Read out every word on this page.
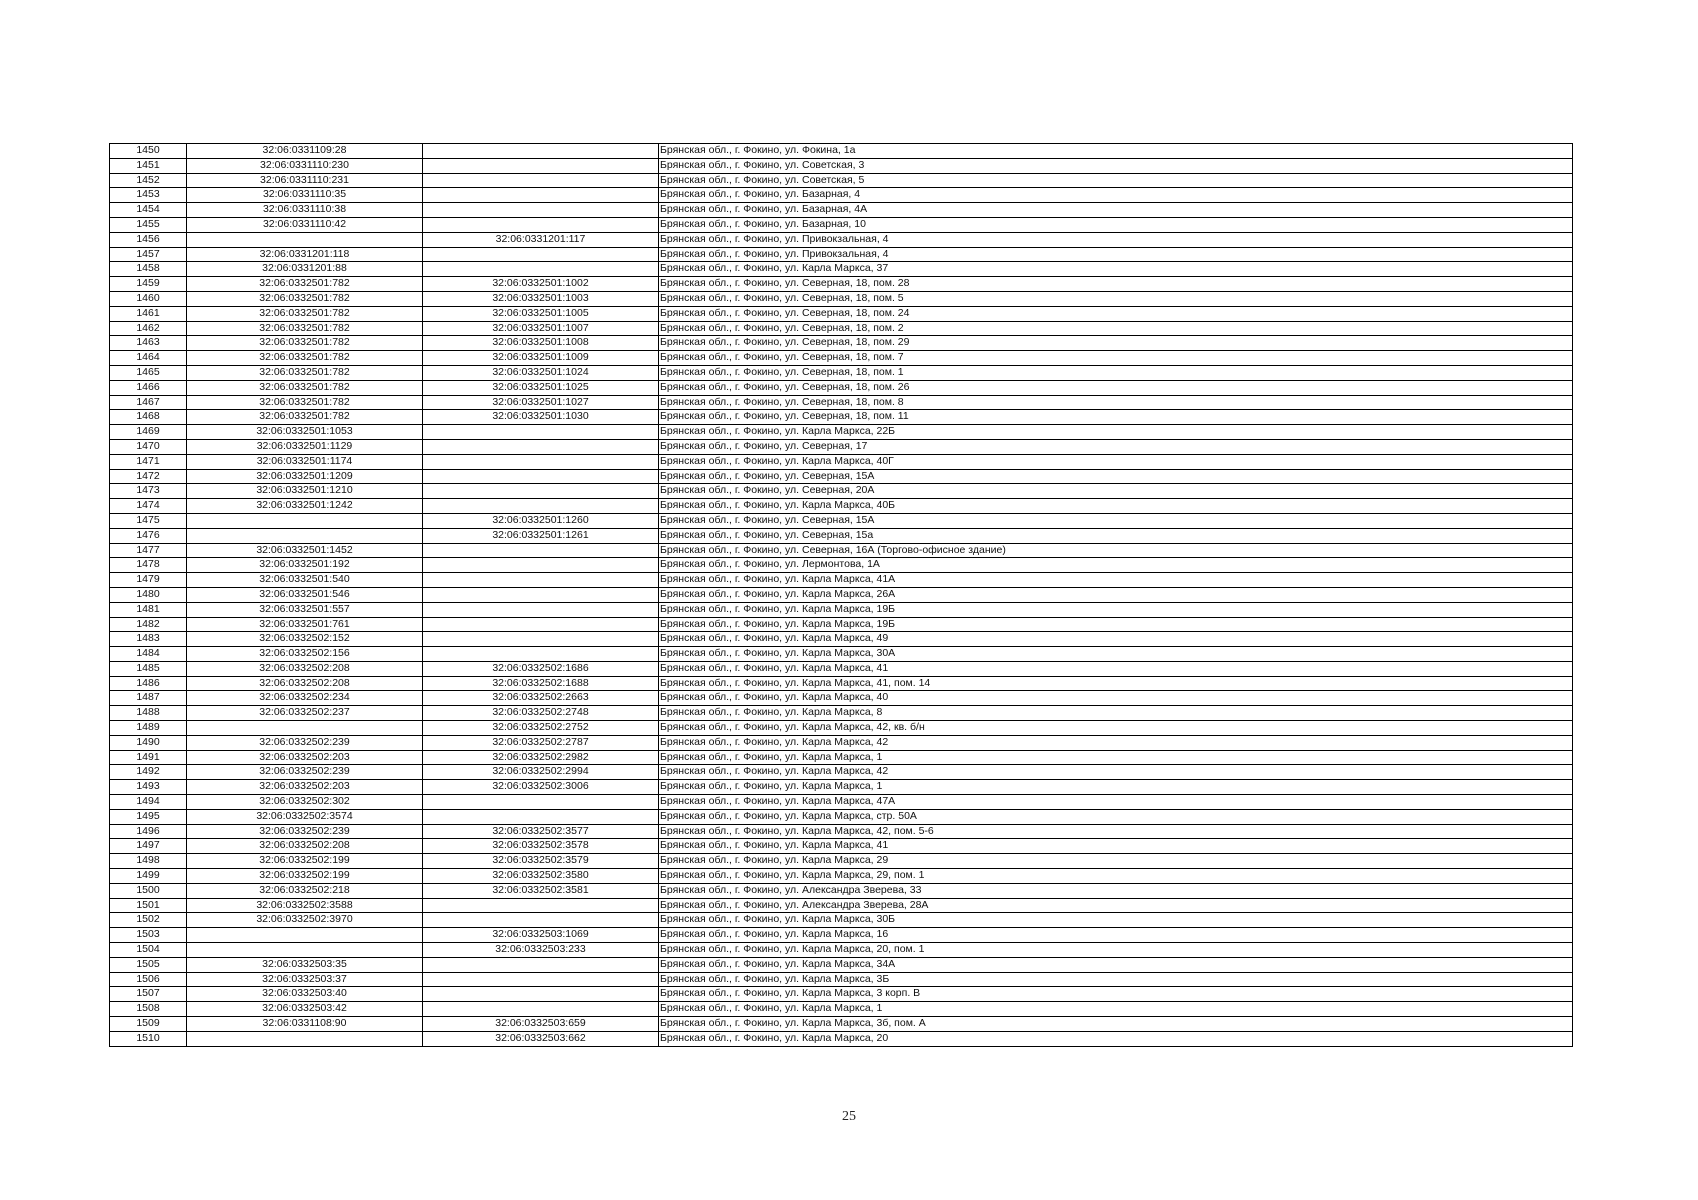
1450	32:06:0331109:28		Брянская обл., г. Фокино, ул. Фокина, 1а
1451	32:06:0331110:230		Брянская обл., г. Фокино, ул. Советская, 3
1452	32:06:0331110:231		Брянская обл., г. Фокино, ул. Советская, 5
1453	32:06:0331110:35		Брянская обл., г. Фокино, ул. Базарная, 4
1454	32:06:0331110:38		Брянская обл., г. Фокино, ул. Базарная, 4А
1455	32:06:0331110:42		Брянская обл., г. Фокино, ул. Базарная, 10
1456		32:06:0331201:117	Брянская обл., г. Фокино, ул. Привокзальная, 4
1457	32:06:0331201:118		Брянская обл., г. Фокино, ул. Привокзальная, 4
1458	32:06:0331201:88		Брянская обл., г. Фокино, ул. Карла Маркса, 37
1459	32:06:0332501:782	32:06:0332501:1002	Брянская обл., г. Фокино, ул. Северная, 18, пом. 28
1460	32:06:0332501:782	32:06:0332501:1003	Брянская обл., г. Фокино, ул. Северная, 18, пом. 5
1461	32:06:0332501:782	32:06:0332501:1005	Брянская обл., г. Фокино, ул. Северная, 18, пом. 24
1462	32:06:0332501:782	32:06:0332501:1007	Брянская обл., г. Фокино, ул. Северная, 18, пом. 2
1463	32:06:0332501:782	32:06:0332501:1008	Брянская обл., г. Фокино, ул. Северная, 18, пом. 29
1464	32:06:0332501:782	32:06:0332501:1009	Брянская обл., г. Фокино, ул. Северная, 18, пом. 7
1465	32:06:0332501:782	32:06:0332501:1024	Брянская обл., г. Фокино, ул. Северная, 18, пом. 1
1466	32:06:0332501:782	32:06:0332501:1025	Брянская обл., г. Фокино, ул. Северная, 18, пом. 26
1467	32:06:0332501:782	32:06:0332501:1027	Брянская обл., г. Фокино, ул. Северная, 18, пом. 8
1468	32:06:0332501:782	32:06:0332501:1030	Брянская обл., г. Фокино, ул. Северная, 18, пом. 11
1469	32:06:0332501:1053		Брянская обл., г. Фокино, ул. Карла Маркса, 22Б
1470	32:06:0332501:1129		Брянская обл., г. Фокино, ул. Северная, 17
1471	32:06:0332501:1174		Брянская обл., г. Фокино, ул. Карла Маркса, 40Г
1472	32:06:0332501:1209		Брянская обл., г. Фокино, ул. Северная, 15А
1473	32:06:0332501:1210		Брянская обл., г. Фокино, ул. Северная, 20А
1474	32:06:0332501:1242		Брянская обл., г. Фокино, ул. Карла Маркса, 40Б
1475		32:06:0332501:1260	Брянская обл., г. Фокино, ул. Северная, 15А
1476		32:06:0332501:1261	Брянская обл., г. Фокино, ул. Северная, 15а
1477	32:06:0332501:1452		Брянская обл., г. Фокино, ул. Северная, 16А (Торгово-офисное здание)
1478	32:06:0332501:192		Брянская обл., г. Фокино, ул. Лермонтова, 1А
1479	32:06:0332501:540		Брянская обл., г. Фокино, ул. Карла Маркса, 41А
1480	32:06:0332501:546		Брянская обл., г. Фокино, ул. Карла Маркса, 26А
1481	32:06:0332501:557		Брянская обл., г. Фокино, ул. Карла Маркса, 19Б
1482	32:06:0332501:761		Брянская обл., г. Фокино, ул. Карла Маркса, 19Б
1483	32:06:0332502:152		Брянская обл., г. Фокино, ул. Карла Маркса, 49
1484	32:06:0332502:156		Брянская обл., г. Фокино, ул. Карла Маркса, 30А
1485	32:06:0332502:208	32:06:0332502:1686	Брянская обл., г. Фокино, ул. Карла Маркса, 41
1486	32:06:0332502:208	32:06:0332502:1688	Брянская обл., г. Фокино, ул. Карла Маркса, 41, пом. 14
1487	32:06:0332502:234	32:06:0332502:2663	Брянская обл., г. Фокино, ул. Карла Маркса, 40
1488	32:06:0332502:237	32:06:0332502:2748	Брянская обл., г. Фокино, ул. Карла Маркса, 8
1489		32:06:0332502:2752	Брянская обл., г. Фокино, ул. Карла Маркса, 42, кв. б/н
1490	32:06:0332502:239	32:06:0332502:2787	Брянская обл., г. Фокино, ул. Карла Маркса, 42
1491	32:06:0332502:203	32:06:0332502:2982	Брянская обл., г. Фокино, ул. Карла Маркса, 1
1492	32:06:0332502:239	32:06:0332502:2994	Брянская обл., г. Фокино, ул. Карла Маркса, 42
1493	32:06:0332502:203	32:06:0332502:3006	Брянская обл., г. Фокино, ул. Карла Маркса, 1
1494	32:06:0332502:302		Брянская обл., г. Фокино, ул. Карла Маркса, 47А
1495	32:06:0332502:3574		Брянская обл., г. Фокино, ул. Карла Маркса, стр. 50А
1496	32:06:0332502:239	32:06:0332502:3577	Брянская обл., г. Фокино, ул. Карла Маркса, 42, пом. 5-6
1497	32:06:0332502:208	32:06:0332502:3578	Брянская обл., г. Фокино, ул. Карла Маркса, 41
1498	32:06:0332502:199	32:06:0332502:3579	Брянская обл., г. Фокино, ул. Карла Маркса, 29
1499	32:06:0332502:199	32:06:0332502:3580	Брянская обл., г. Фокино, ул. Карла Маркса, 29, пом. 1
1500	32:06:0332502:218	32:06:0332502:3581	Брянская обл., г. Фокино, ул. Александра Зверева, 33
1501	32:06:0332502:3588		Брянская обл., г. Фокино, ул. Александра Зверева, 28А
1502	32:06:0332502:3970		Брянская обл., г. Фокино, ул. Карла Маркса, 30Б
1503		32:06:0332503:1069	Брянская обл., г. Фокино, ул. Карла Маркса, 16
1504		32:06:0332503:233	Брянская обл., г. Фокино, ул. Карла Маркса, 20, пом. 1
1505	32:06:0332503:35		Брянская обл., г. Фокино, ул. Карла Маркса, 34А
1506	32:06:0332503:37		Брянская обл., г. Фокино, ул. Карла Маркса, 3Б
1507	32:06:0332503:40		Брянская обл., г. Фокино, ул. Карла Маркса, 3 корп. В
1508	32:06:0332503:42		Брянская обл., г. Фокино, ул. Карла Маркса, 1
1509	32:06:0331108:90	32:06:0332503:659	Брянская обл., г. Фокино, ул. Карла Маркса, 3б, пом. А
1510		32:06:0332503:662	Брянская обл., г. Фокино, ул. Карла Маркса, 20
25
